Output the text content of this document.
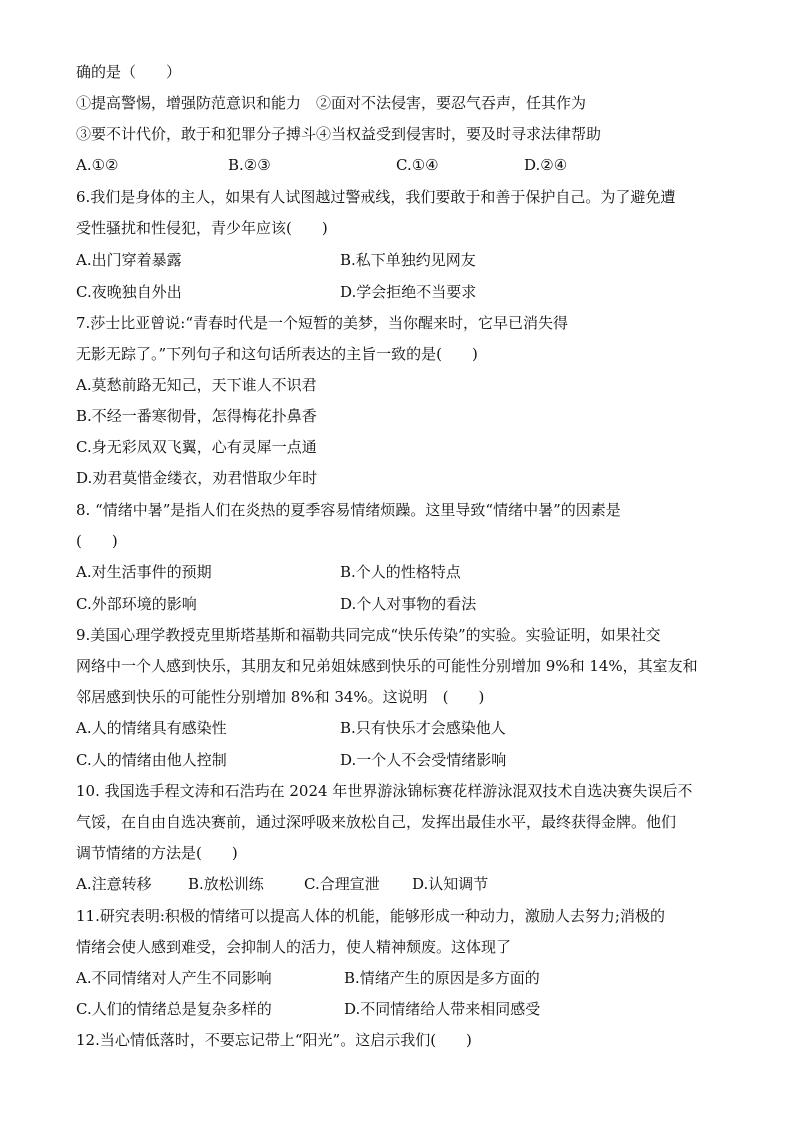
确的是（　　）
①提高警惕，增强防范意识和能力　②面对不法侵害，要忍气吞声，任其作为
③要不计代价，敢于和犯罪分子搏斗④当权益受到侵害时，要及时寻求法律帮助
A.①②	B.②③	C.①④	D.②④
6.我们是身体的主人，如果有人试图越过警戒线，我们要敢于和善于保护自己。为了避免遭
受性骚扰和性侵犯，青少年应该(　　)
A.出门穿着暴露	B.私下单独约见网友
C.夜晚独自外出	D.学会拒绝不当要求
7.莎士比亚曾说:“青春时代是一个短暂的美梦，当你醒来时，它早已消失得
无影无踪了。”下列句子和这句话所表达的主旨一致的是(　　)
A.莫愁前路无知己，天下谁人不识君
B.不经一番寒彻骨，怎得梅花扑鼻香
C.身无彩凤双飞翼，心有灵犀一点通
D.劝君莫惜金缕衣，劝君惜取少年时
8. “情绪中暑”是指人们在炎热的夏季容易情绪烦躁。这里导致“情绪中暑”的因素是
(　　)
A.对生活事件的预期	B.个人的性格特点
C.外部环境的影响	D.个人对事物的看法
9.美国心理学教授克里斯塔基斯和福勒共同完成“快乐传染”的实验。实验证明，如果社交
网络中一个人感到快乐，其朋友和兄弟姐妹感到快乐的可能性分别增加 9%和 14%，其室友和
邻居感到快乐的可能性分别增加 8%和 34%。这说明　(　　)
A.人的情绪具有感染性	B.只有快乐才会感染他人
C.人的情绪由他人控制	D.一个人不会受情绪影响
10. 我国选手程文涛和石浩玙在 2024 年世界游泳锦标赛花样游泳混双技术自选决赛失误后不
气馁，在自由自选决赛前，通过深呼吸来放松自己，发挥出最佳水平，最终获得金牌。他们
调节情绪的方法是(　　)
A.注意转移 B.放松训练	C.合理宣泄 D.认知调节
11.研究表明:积极的情绪可以提高人体的机能，能够形成一种动力，激励人去努力;消极的
情绪会使人感到难受，会抑制人的活力，使人精神颓废。这体现了
A.不同情绪对人产生不同影响	B.情绪产生的原因是多方面的
C.人们的情绪总是复杂多样的	D.不同情绪给人带来相同感受
12.当心情低落时，不要忘记带上“阳光”。这启示我们(　　)
